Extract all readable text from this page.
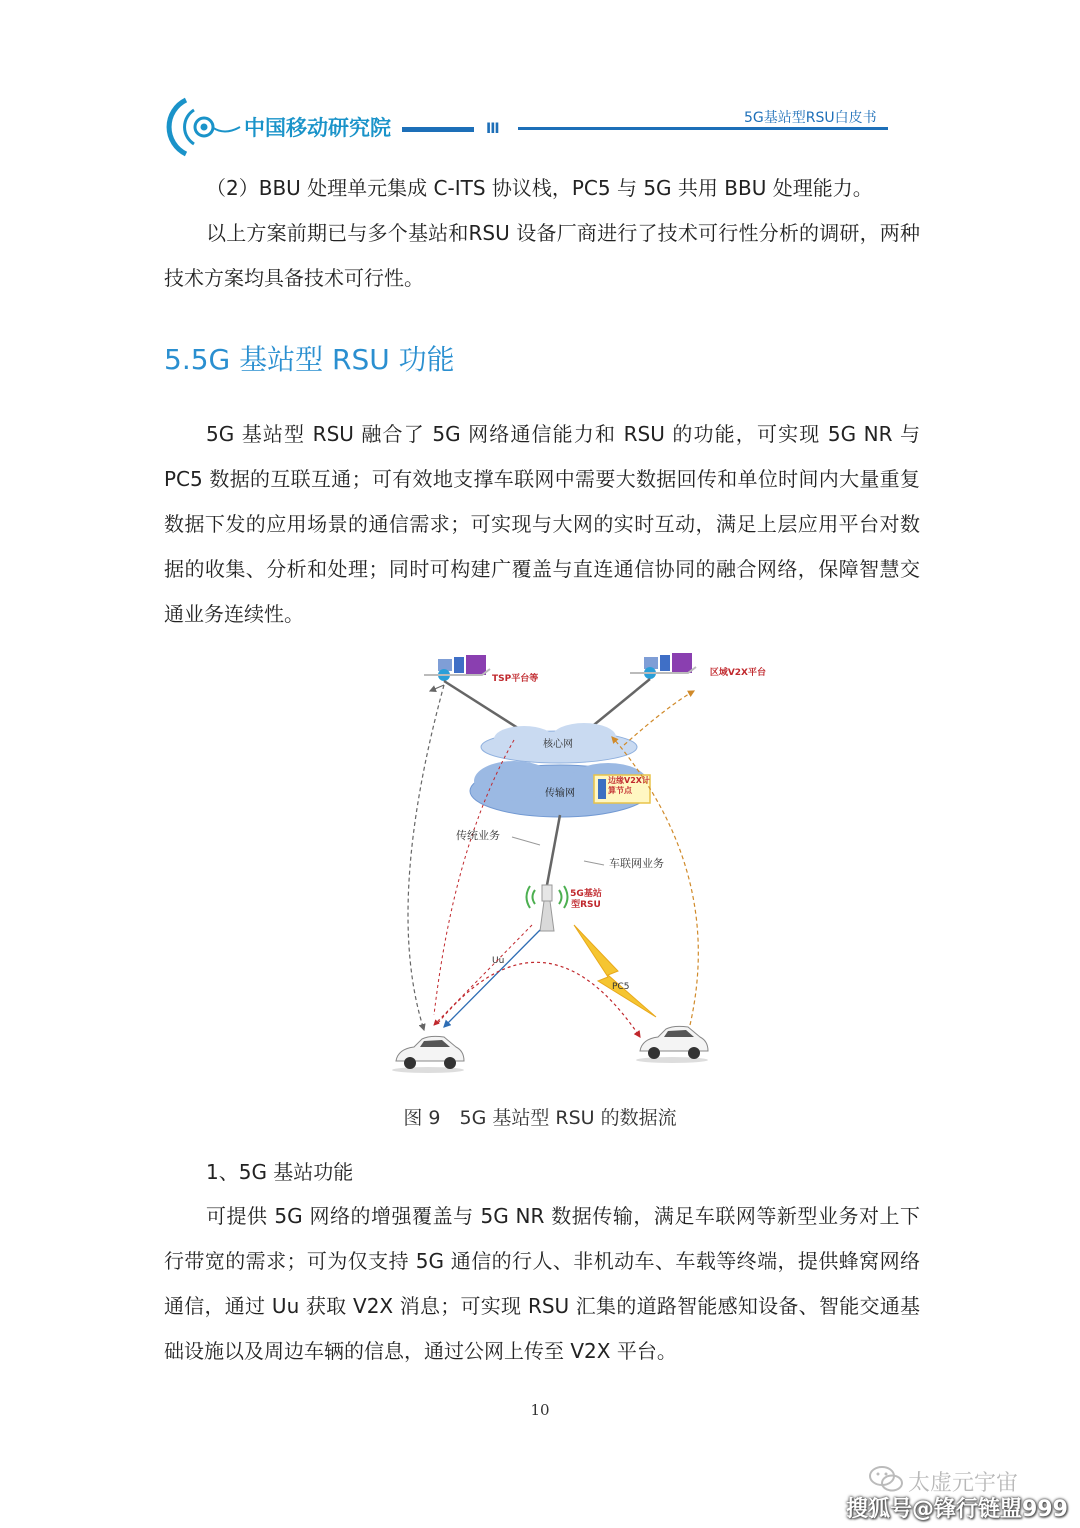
中国移动研究院	III
5G基站型RSU白皮书
（2）BBU 处理单元集成 C-ITS 协议栈，PC5 与 5G 共用 BBU 处理能力。
以上方案前期已与多个基站和RSU 设备厂商进行了技术可行性分析的调研，两种技术方案均具备技术可行性。
5.5G 基站型 RSU 功能
5G 基站型 RSU 融合了 5G 网络通信能力和 RSU 的功能，可实现 5G NR 与 PC5 数据的互联互通；可有效地支撑车联网中需要大数据回传和单位时间内大量重复数据下发的应用场景的通信需求；可实现与大网的实时互动，满足上层应用平台对数据的收集、分析和处理；同时可构建广覆盖与直连通信协同的融合网络，保障智慧交通业务连续性。
TSP平台等
区域V2X平台
核心网
传输网
边缘V2X计算节点
传统业务
车联网业务
5G基站型RSU
Uu
PC5
图 9　5G 基站型 RSU 的数据流
1、5G 基站功能
可提供 5G 网络的增强覆盖与 5G NR 数据传输，满足车联网等新型业务对上下行带宽的需求；可为仅支持 5G 通信的行人、非机动车、车载等终端，提供蜂窝网络通信，通过 Uu 获取 V2X 消息；可实现 RSU 汇集的道路智能感知设备、智能交通基础设施以及周边车辆的信息，通过公网上传至 V2X 平台。
10
太虚元宇宙
搜狐号@锋行链盟999
